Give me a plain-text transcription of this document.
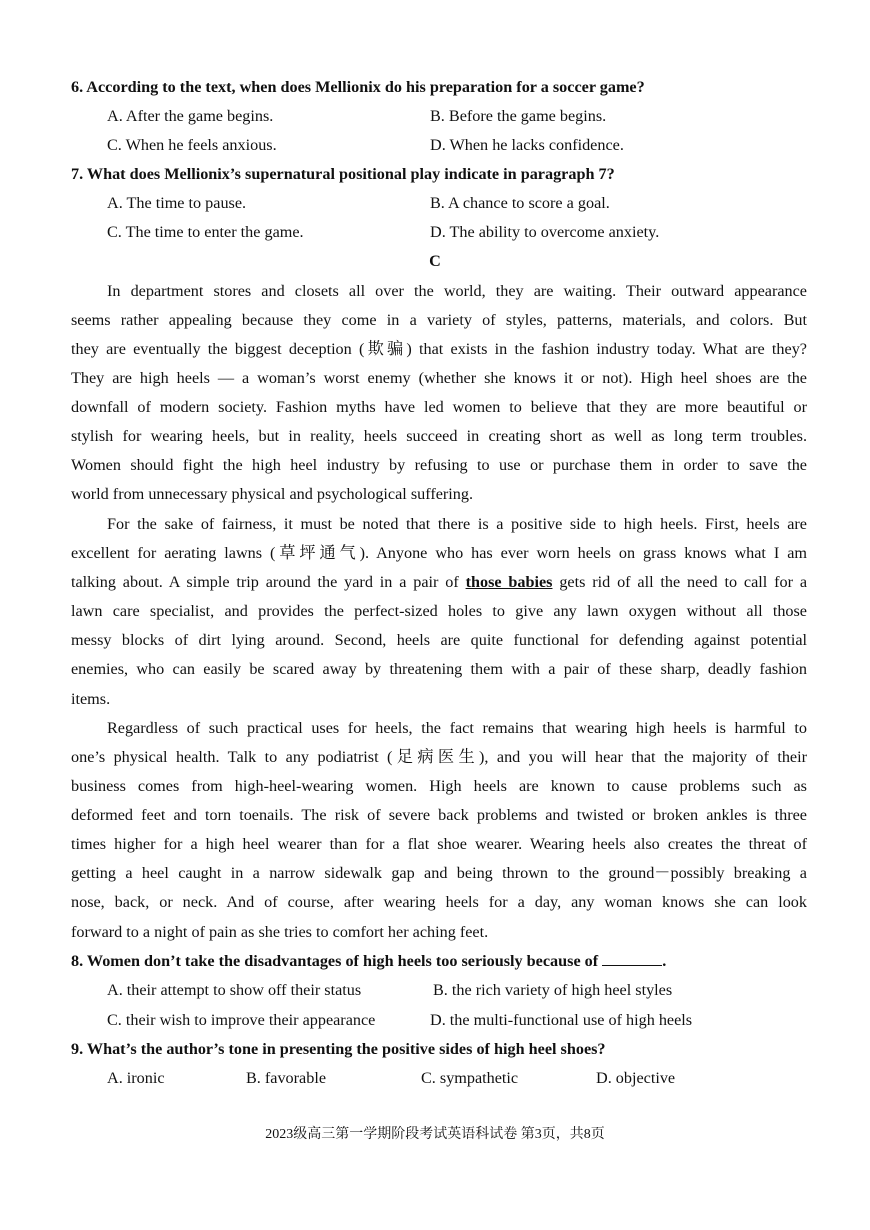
6. According to the text, when does Mellionix do his preparation for a soccer game?
A. After the game begins.	B. Before the game begins.
C. When he feels anxious.	D. When he lacks confidence.
7. What does Mellionix’s supernatural positional play indicate in paragraph 7?
A. The time to pause.	B. A chance to score a goal.
C. The time to enter the game.	D. The ability to overcome anxiety.
C
In department stores and closets all over the world, they are waiting. Their outward appearance
seems rather appealing because they come in a variety of styles, patterns, materials, and colors. But
they are eventually the biggest deception (欺骗) that exists in the fashion industry today. What are they?
They are high heels — a woman’s worst enemy (whether she knows it or not). High heel shoes are the
downfall of modern society. Fashion myths have led women to believe that they are more beautiful or
stylish for wearing heels, but in reality, heels succeed in creating short as well as long term troubles.
Women should fight the high heel industry by refusing to use or purchase them in order to save the
world from unnecessary physical and psychological suffering.
For the sake of fairness, it must be noted that there is a positive side to high heels. First, heels are
excellent for aerating lawns (草坪通气). Anyone who has ever worn heels on grass knows what I am
talking about. A simple trip around the yard in a pair of those babies gets rid of all the need to call for a
lawn care specialist, and provides the perfect-sized holes to give any lawn oxygen without all those
messy blocks of dirt lying around. Second, heels are quite functional for defending against potential
enemies, who can easily be scared away by threatening them with a pair of these sharp, deadly fashion
items.
Regardless of such practical uses for heels, the fact remains that wearing high heels is harmful to
one’s physical health. Talk to any podiatrist (足病医生), and you will hear that the majority of their
business comes from high-heel-wearing women. High heels are known to cause problems such as
deformed feet and torn toenails. The risk of severe back problems and twisted or broken ankles is three
times higher for a high heel wearer than for a flat shoe wearer. Wearing heels also creates the threat of
getting a heel caught in a narrow sidewalk gap and being thrown to the ground－possibly breaking a
nose, back, or neck. And of course, after wearing heels for a day, any woman knows she can look
forward to a night of pain as she tries to comfort her aching feet.
8. Women don’t take the disadvantages of high heels too seriously because of	.
A. their attempt to show off their status	B. the rich variety of high heel styles
C. their wish to improve their appearance	D. the multi-functional use of high heels
9. What’s the author’s tone in presenting the positive sides of high heel shoes?
A. ironic	B. favorable	C. sympathetic	D. objective
2023级高三第一学期阶段考试英语科试卷 第3页，共8页
